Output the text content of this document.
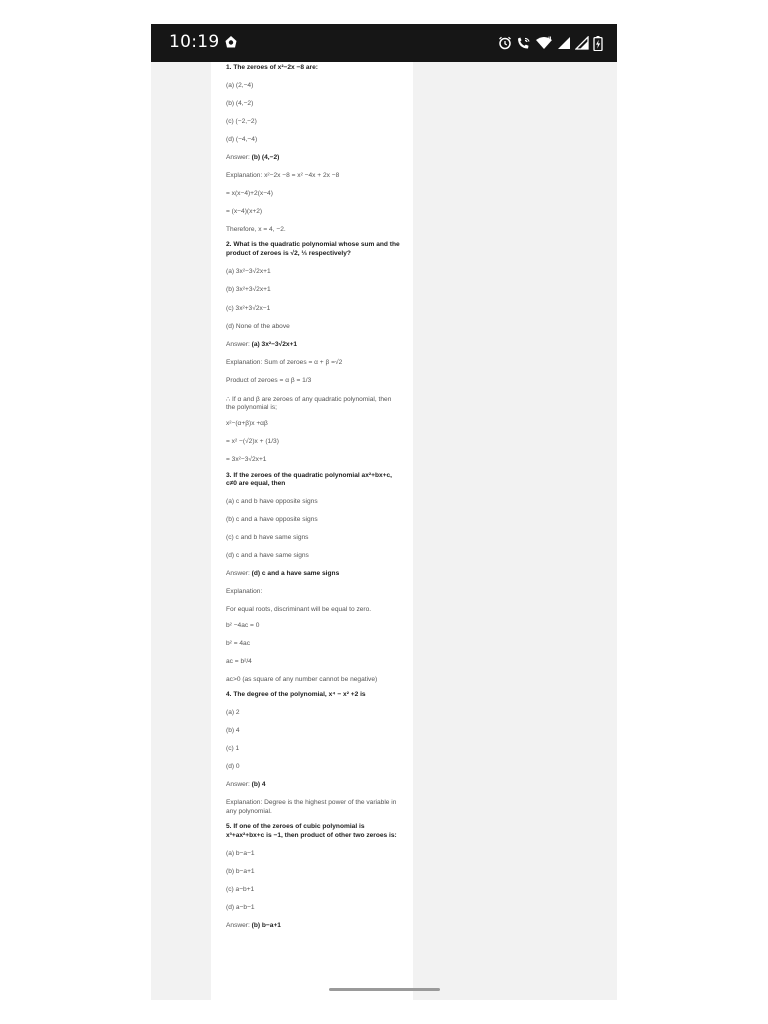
10:19

1. The zeroes of x²−2x −8 are:

(a) (2,−4)

(b) (4,−2)

(c) (−2,−2)

(d) (−4,−4)

Answer: (b) (4,−2)

Explanation: x²−2x −8 = x² −4x + 2x −8

= x(x−4)+2(x−4)

= (x−4)(x+2)

Therefore, x = 4, −2.

2. What is the quadratic polynomial whose sum and the product of zeroes is √2, ⅓ respectively?

(a) 3x²−3√2x+1

(b) 3x²+3√2x+1

(c) 3x²+3√2x−1

(d) None of the above

Answer: (a) 3x²−3√2x+1

Explanation: Sum of zeroes = α + β =√2

Product of zeroes = α β = 1/3

∴ If α and β are zeroes of any quadratic polynomial, then the polynomial is;

x²−(α+β)x +αβ

= x² −(√2)x + (1/3)

= 3x²−3√2x+1

3. If the zeroes of the quadratic polynomial ax²+bx+c, c≠0 are equal, then

(a) c and b have opposite signs

(b) c and a have opposite signs

(c) c and b have same signs

(d) c and a have same signs

Answer: (d) c and a have same signs

Explanation:

For equal roots, discriminant will be equal to zero.

b² −4ac = 0

b² = 4ac

ac = b²/4

ac>0 (as square of any number cannot be negative)

4. The degree of the polynomial, x⁴ − x² +2 is

(a) 2

(b) 4

(c) 1

(d) 0

Answer: (b) 4

Explanation: Degree is the highest power of the variable in any polynomial.

5. If one of the zeroes of cubic polynomial is x³+ax²+bx+c is −1, then product of other two zeroes is:

(a) b−a−1

(b) b−a+1

(c) a−b+1

(d) a−b−1

Answer: (b) b−a+1
